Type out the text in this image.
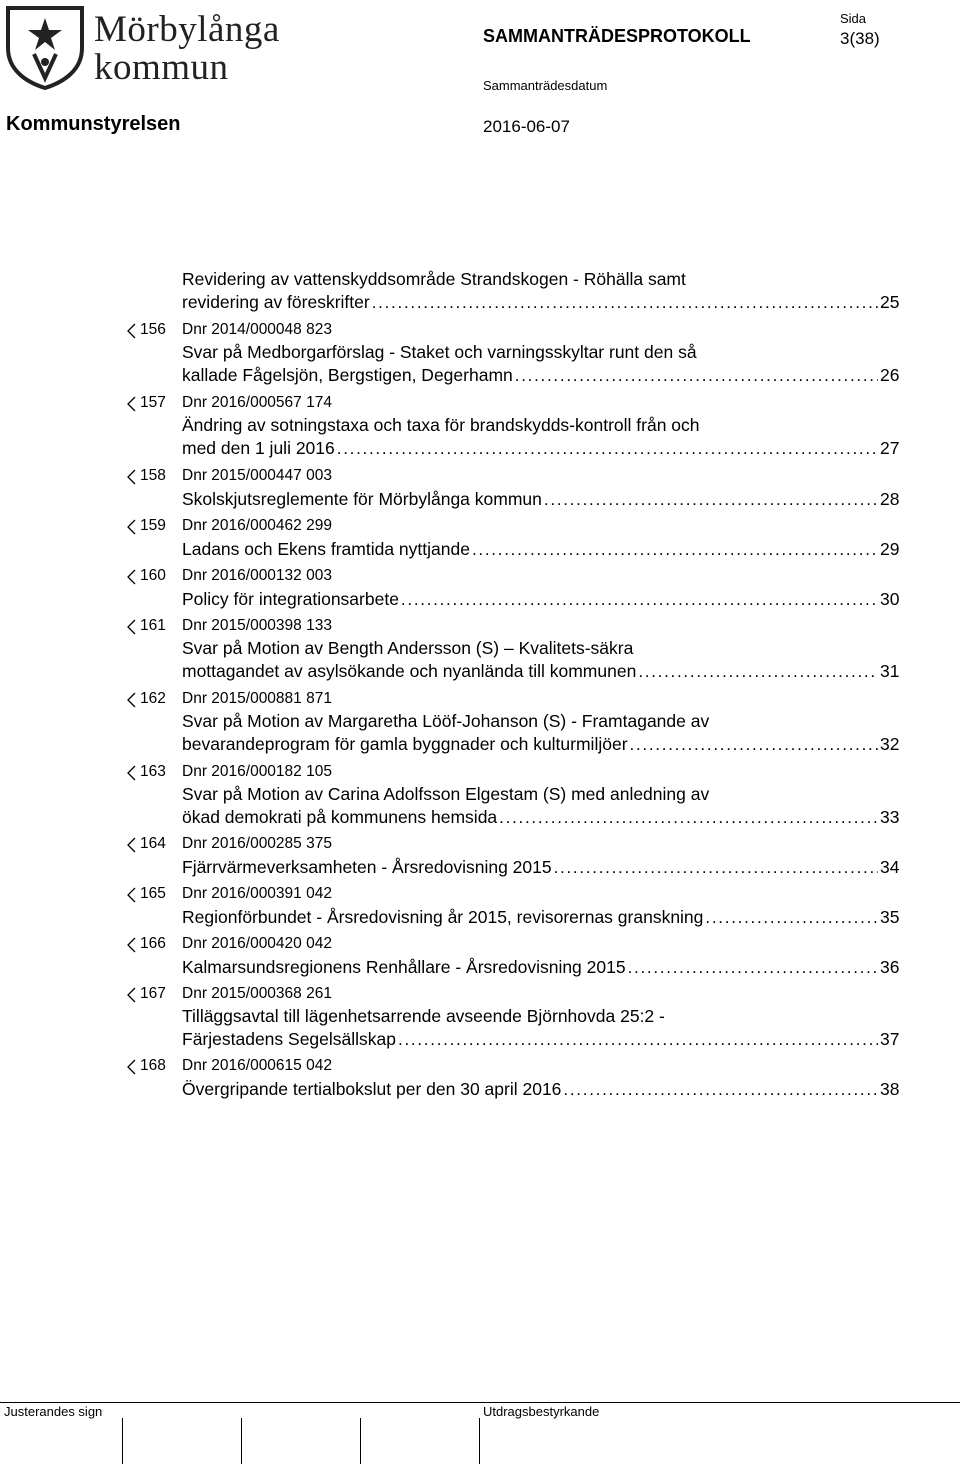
Mörbylånga
kommun
SAMMANTRÄDESPROTOKOLL
Sida
3(38)
Sammanträdesdatum
Kommunstyrelsen	2016-06-07
Revidering av vattenskyddsområde Strandskogen - Röhälla samt
revidering av föreskrifter . . .	25
156 Dnr 2014/000048 823
Svar på Medborgarförslag - Staket och varningsskyltar runt den så
kallade Fågelsjön, Bergstigen, Degerhamn . . .	26
157 Dnr 2016/000567 174
Ändring av sotningstaxa och taxa för brandskydds-kontroll från och
med den 1 juli 2016 . . .	27
158 Dnr 2015/000447 003
Skolskjutsreglemente för Mörbylånga kommun . . .	28
159 Dnr 2016/000462 299
Ladans och Ekens framtida nyttjande . . .	29
160 Dnr 2016/000132 003
Policy för integrationsarbete . . .	30
161 Dnr 2015/000398 133
Svar på Motion av Bength Andersson (S) – Kvalitets-säkra
mottagandet av asylsökande och nyanlända till kommunen . . .	31
162 Dnr 2015/000881 871
Svar på Motion av Margaretha Lööf-Johanson (S) - Framtagande av
bevarandeprogram för gamla byggnader och kulturmiljöer . . .	32
163 Dnr 2016/000182 105
Svar på Motion av Carina Adolfsson Elgestam (S) med anledning av
ökad demokrati på kommunens hemsida . . .	33
164 Dnr 2016/000285 375
Fjärrvärmeverksamheten - Årsredovisning 2015 . . .	34
165 Dnr 2016/000391 042
Regionförbundet - Årsredovisning år 2015, revisorernas granskning . . .	35
166 Dnr 2016/000420 042
Kalmarsundsregionens Renhållare - Årsredovisning 2015 . . .	36
167 Dnr 2015/000368 261
Tilläggsavtal till lägenhetsarrende avseende Björnhovda 25:2 -
Färjestadens Segelsällskap . . .	37
168 Dnr 2016/000615 042
Övergripande tertialbokslut per den 30 april 2016 . . .	38
Justerandes sign	Utdragsbestyrkande
